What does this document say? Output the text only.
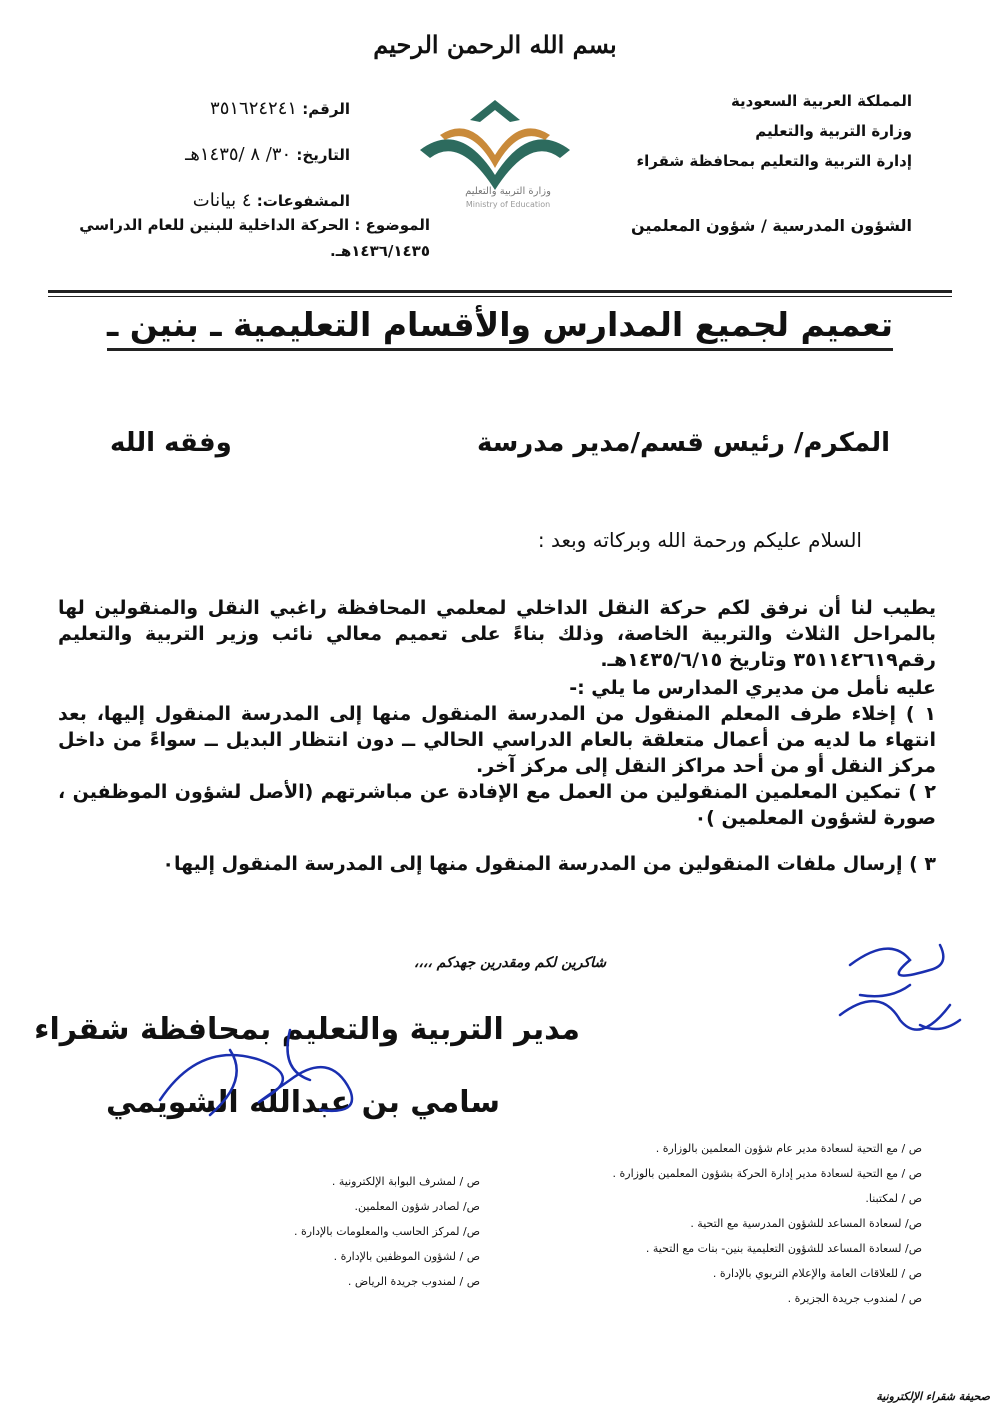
بسم الله الرحمن الرحيم
وزارة التربية والتعليم
Ministry of Education
المملكة العربية السعودية
وزارة التربية والتعليم
إدارة التربية والتعليم بمحافظة شقراء
الشؤون المدرسية / شؤون المعلمين
الرقم: ٣٥١٦٢٤٢٤١
التاريخ: ٣٠/ ٨ /١٤٣٥هـ
المشفوعات: ٤ بيانات
الموضوع : الحركة الداخلية للبنين للعام الدراسي ١٤٣٦/١٤٣٥هـ.
تعميم لجميع المدارس والأقسام التعليمية ـ بنين ـ
المكرم/ رئيس قسم/مدير مدرسة
وفقه الله
السلام عليكم ورحمة الله وبركاته وبعد :

يطيب لنا أن نرفق لكم حركة النقل الداخلي لمعلمي المحافظة راغبي النقل والمنقولين لها بالمراحل الثلاث والتربية الخاصة، وذلك بناءً على تعميم معالي نائب وزير التربية والتعليم رقم٣٥١١٤٢٦١٩ وتاريخ ١٤٣٥/٦/١٥هـ.

عليه نأمل من مديري المدارس ما يلي :-

١ ) إخلاء طرف المعلم المنقول من المدرسة المنقول منها إلى المدرسة المنقول إليها، بعد انتهاء ما لديه من أعمال متعلقة بالعام الدراسي الحالي ــ دون انتظار البديل ــ سواءً من داخل مركز النقل أو من أحد مراكز النقل إلى مركز آخر.

٢ ) تمكين المعلمين المنقولين من العمل مع الإفادة عن مباشرتهم (الأصل لشؤون الموظفين ، صورة لشؤون المعلمين )٠

٣ ) إرسال ملفات المنقولين من المدرسة المنقول منها إلى المدرسة المنقول إليها٠

شاكرين لكم ومقدرين جهدكم ،،،،
مدير التربية والتعليم بمحافظة شقراء
سامي بن عبدالله الشويمي
ص / مع التحية لسعادة مدير عام شؤون المعلمين بالوزارة .
ص / مع التحية لسعادة مدير إدارة الحركة بشؤون المعلمين بالوزارة .
ص / لمكتبنا.
ص/ لسعادة المساعد للشؤون المدرسية مع التحية .
ص/ لسعادة المساعد للشؤون التعليمية بنين- بنات مع التحية .
ص / للعلاقات العامة والإعلام التربوي بالإدارة .
ص / لمندوب جريدة الجزيرة .
ص / لمشرف البوابة الإلكترونية .
ص/ لصادر شؤون المعلمين.
ص/ لمركز الحاسب والمعلومات بالإدارة .
ص / لشؤون الموظفين بالإدارة .
ص / لمندوب جريدة الرياض .
صحيفة شقراء الإلكترونية
